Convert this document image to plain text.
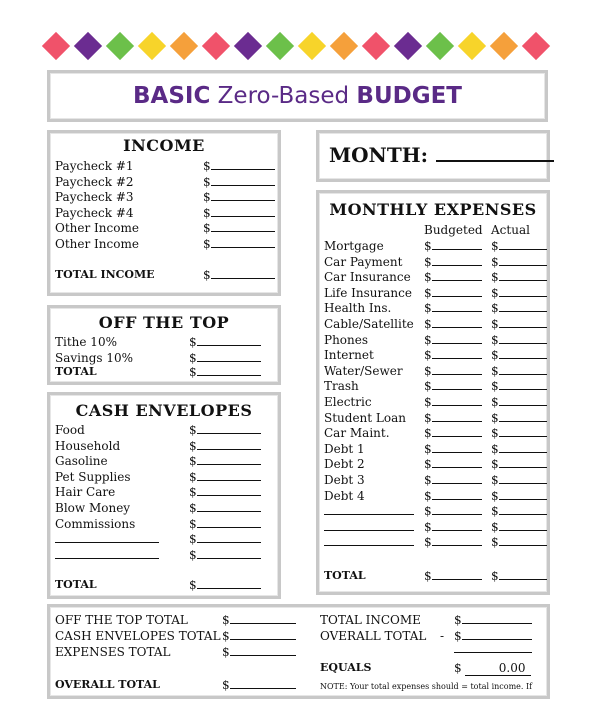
BASIC Zero-Based BUDGET
INCOME
Paycheck #1	$
Paycheck #2	$
Paycheck #3	$
Paycheck #4	$
Other Income	$
Other Income	$
TOTAL INCOME	$
MONTH:
OFF THE TOP
Tithe 10%	$
Savings 10%	$
TOTAL	$
CASH ENVELOPES
Food	$
Household	$
Gasoline	$
Pet Supplies	$
Hair Care	$
Blow Money	$
Commissions	$
$
$
TOTAL	$
MONTHLY EXPENSES
Budgeted Actual
Mortgage	$	$
Car Payment $	$
Car Insurance $	$
Life Insurance $	$
Health Ins.	$	$
Cable/Satellite $	$
Phones	$	$
Internet	$	$
Water/Sewer $	$
Trash	$	$
Electric	$	$
Student Loan $	$
Car Maint.	$	$
Debt 1	$	$
Debt 2	$	$
Debt 3	$	$
Debt 4	$	$
$	$
$	$
$	$
TOTAL	$	$
OFF THE TOP TOTAL	$
CASH ENVELOPES TOTAL $
EXPENSES TOTAL	$
OVERALL TOTAL	$
TOTAL INCOME	$
OVERALL TOTAL - $
EQUALS	$	0.00
NOTE: Your total expenses should = total income. If
